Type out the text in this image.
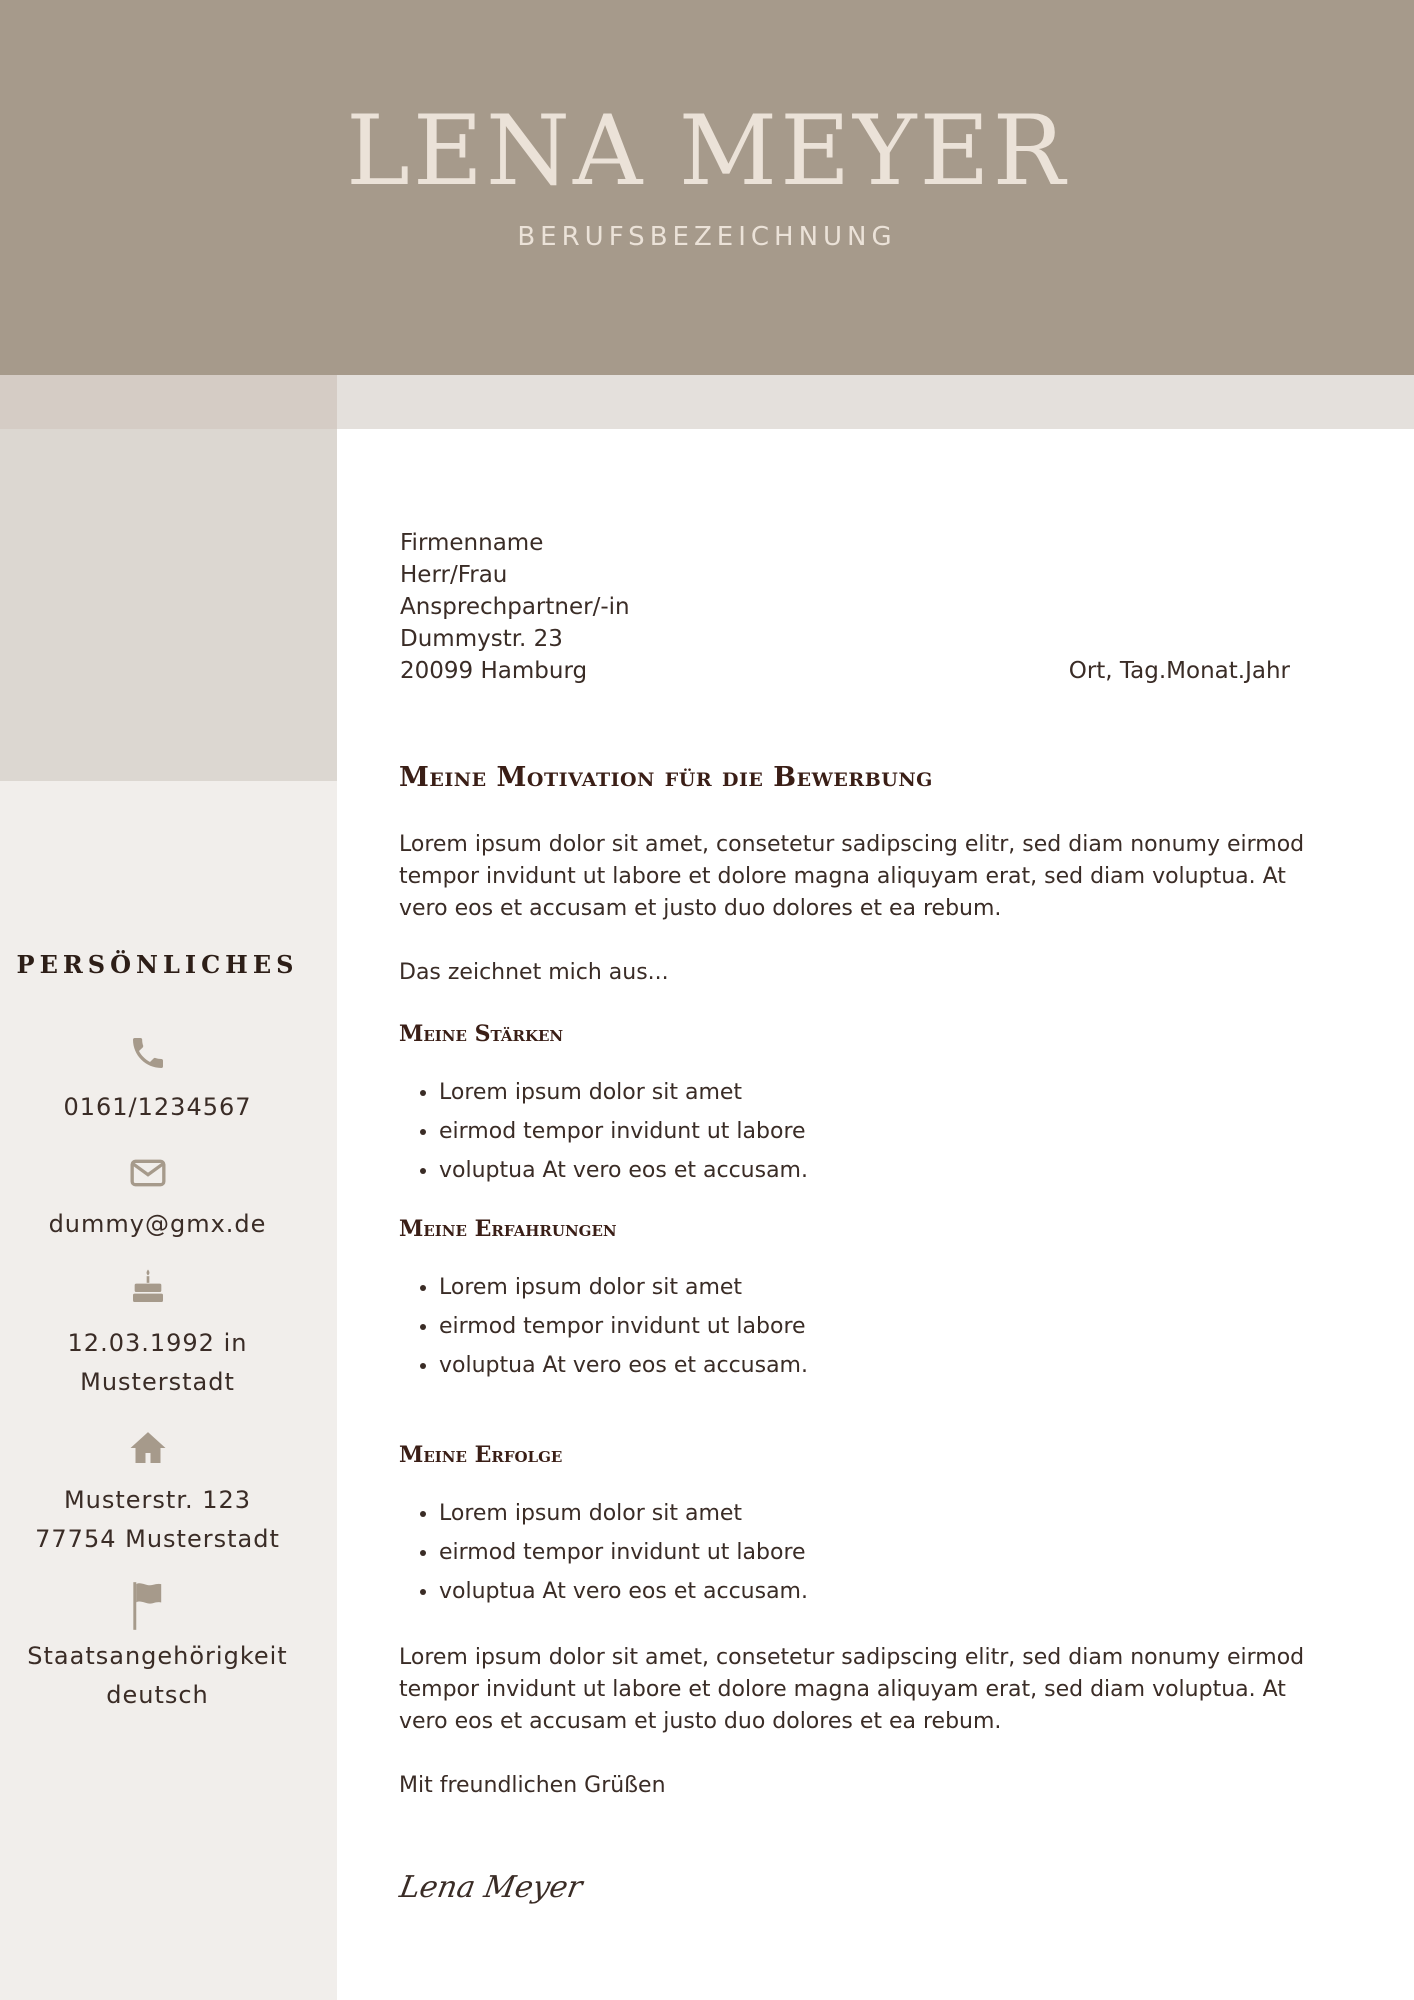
LENA MEYER
BERUFSBEZEICHNUNG
PERSÖNLICHES
0161/1234567
dummy@gmx.de
12.03.1992 in
Musterstadt
Musterstr. 123
77754 Musterstadt
Staatsangehörigkeit
deutsch
Firmenname
Herr/Frau
Ansprechpartner/-in
Dummystr. 23
20099 Hamburg	Ort, Tag.Monat.Jahr
Meine Motivation für die Bewerbung

Lorem ipsum dolor sit amet, consetetur sadipscing elitr, sed diam nonumy eirmod tempor invidunt ut labore et dolore magna aliquyam erat, sed diam voluptua. At vero eos et accusam et justo duo dolores et ea rebum.

Das zeichnet mich aus...

Meine Stärken
• Lorem ipsum dolor sit amet
• eirmod tempor invidunt ut labore
• voluptua At vero eos et accusam.
Meine Erfahrungen
• Lorem ipsum dolor sit amet
• eirmod tempor invidunt ut labore
• voluptua At vero eos et accusam.
Meine Erfolge
• Lorem ipsum dolor sit amet
• eirmod tempor invidunt ut labore
• voluptua At vero eos et accusam.

Lorem ipsum dolor sit amet, consetetur sadipscing elitr, sed diam nonumy eirmod tempor invidunt ut labore et dolore magna aliquyam erat, sed diam voluptua. At vero eos et accusam et justo duo dolores et ea rebum.

Mit freundlichen Grüßen

Lena Meyer
